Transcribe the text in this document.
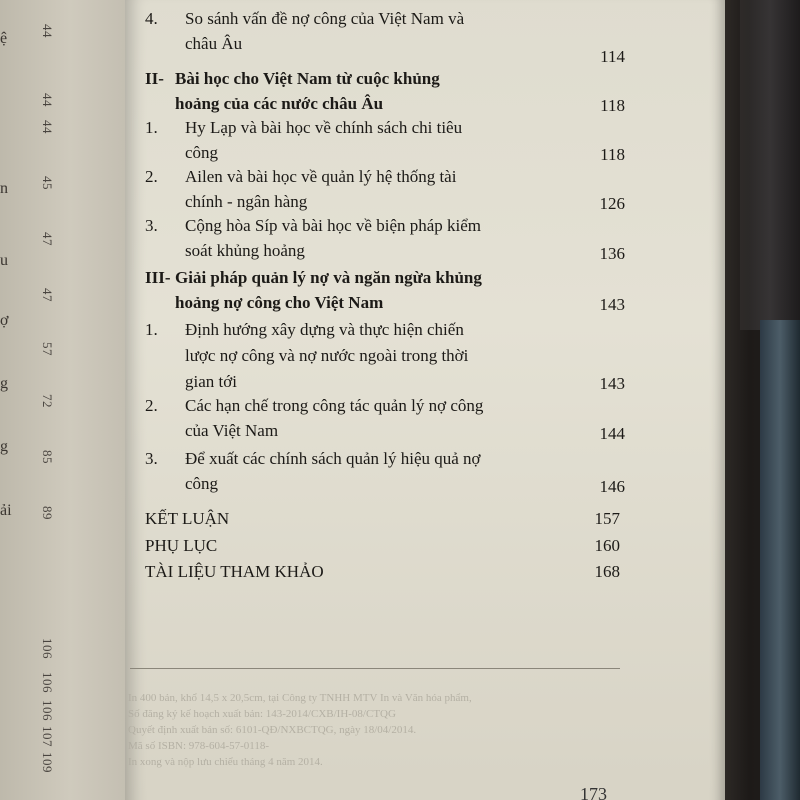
ệ
n
u
ợ
g
g
ải
44
44
44
45
47
47
57
72
85
89
106
106
106
107
109
4. So sánh vấn đề nợ công của Việt Nam và
châu Âu
114
II- Bài học cho Việt Nam từ cuộc khủng
hoảng của các nước châu Âu	118
1. Hy Lạp và bài học về chính sách chi tiêu
công	118
2. Ailen và bài học về quản lý hệ thống tài
chính - ngân hàng	126
3. Cộng hòa Síp và bài học về biện pháp kiểm
soát khủng hoảng	136
III- Giải pháp quản lý nợ và ngăn ngừa khủng
hoảng nợ công cho Việt Nam	143
1. Định hướng xây dựng và thực hiện chiến
lược nợ công và nợ nước ngoài trong thời
gian tới	143
2. Các hạn chế trong công tác quản lý nợ công
của Việt Nam	144
3. Để xuất các chính sách quản lý hiệu quả nợ
công	146
KẾT LUẬN	157
PHỤ LỤC	160
TÀI LIỆU THAM KHẢO	168
In 400 bản, khổ 14,5 x 20,5cm, tại Công ty TNHH MTV In và Văn hóa phẩm,
Số đăng ký kế hoạch xuất bản: 143-2014/CXB/IH-08/CTQG
Quyết định xuất bản số: 6101-QĐ/NXBCTQG, ngày 18/04/2014.
Mã số ISBN: 978-604-57-0118-
In xong và nộp lưu chiểu tháng 4 năm 2014.
173
